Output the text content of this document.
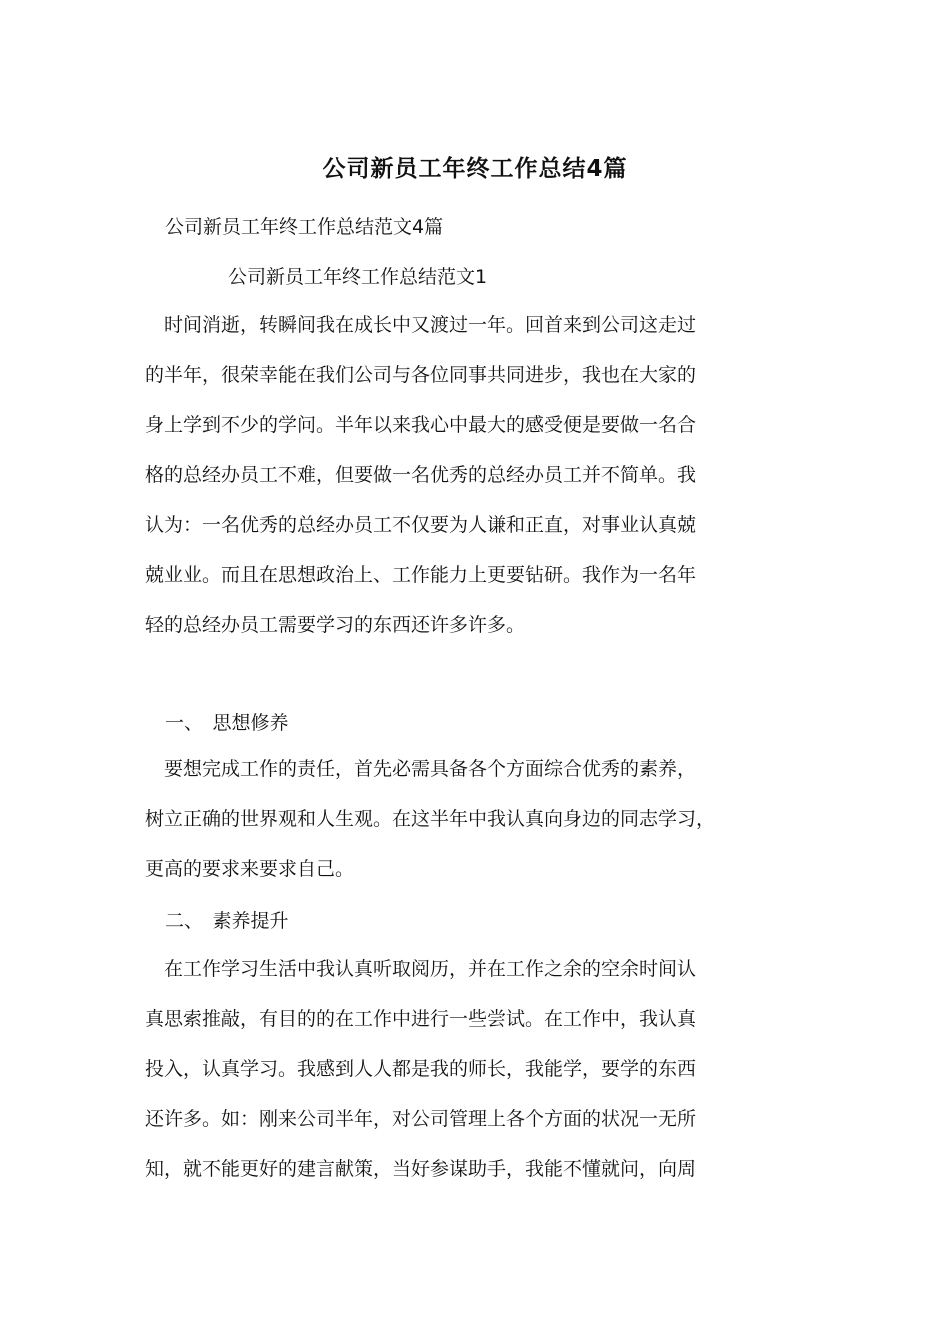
公司新员工年终工作总结4篇
公司新员工年终工作总结范文4篇
公司新员工年终工作总结范文1
　时间消逝，转瞬间我在成长中又渡过一年。回首来到公司这走过
的半年，很荣幸能在我们公司与各位同事共同进步，我也在大家的
身上学到不少的学问。半年以来我心中最大的感受便是要做一名合
格的总经办员工不难，但要做一名优秀的总经办员工并不简单。我
认为：一名优秀的总经办员工不仅要为人谦和正直，对事业认真兢
兢业业。而且在思想政治上、工作能力上更要钻研。我作为一名年
轻的总经办员工需要学习的东西还许多许多。
一、　思想修养
　要想完成工作的责任，首先必需具备各个方面综合优秀的素养，
树立正确的世界观和人生观。在这半年中我认真向身边的同志学习，
更高的要求来要求自己。
二、　素养提升
　在工作学习生活中我认真听取阅历，并在工作之余的空余时间认
真思索推敲，有目的的在工作中进行一些尝试。在工作中，我认真
投入，认真学习。我感到人人都是我的师长，我能学，要学的东西
还许多。如：刚来公司半年，对公司管理上各个方面的状况一无所
知，就不能更好的建言献策，当好参谋助手，我能不懂就问，向周
